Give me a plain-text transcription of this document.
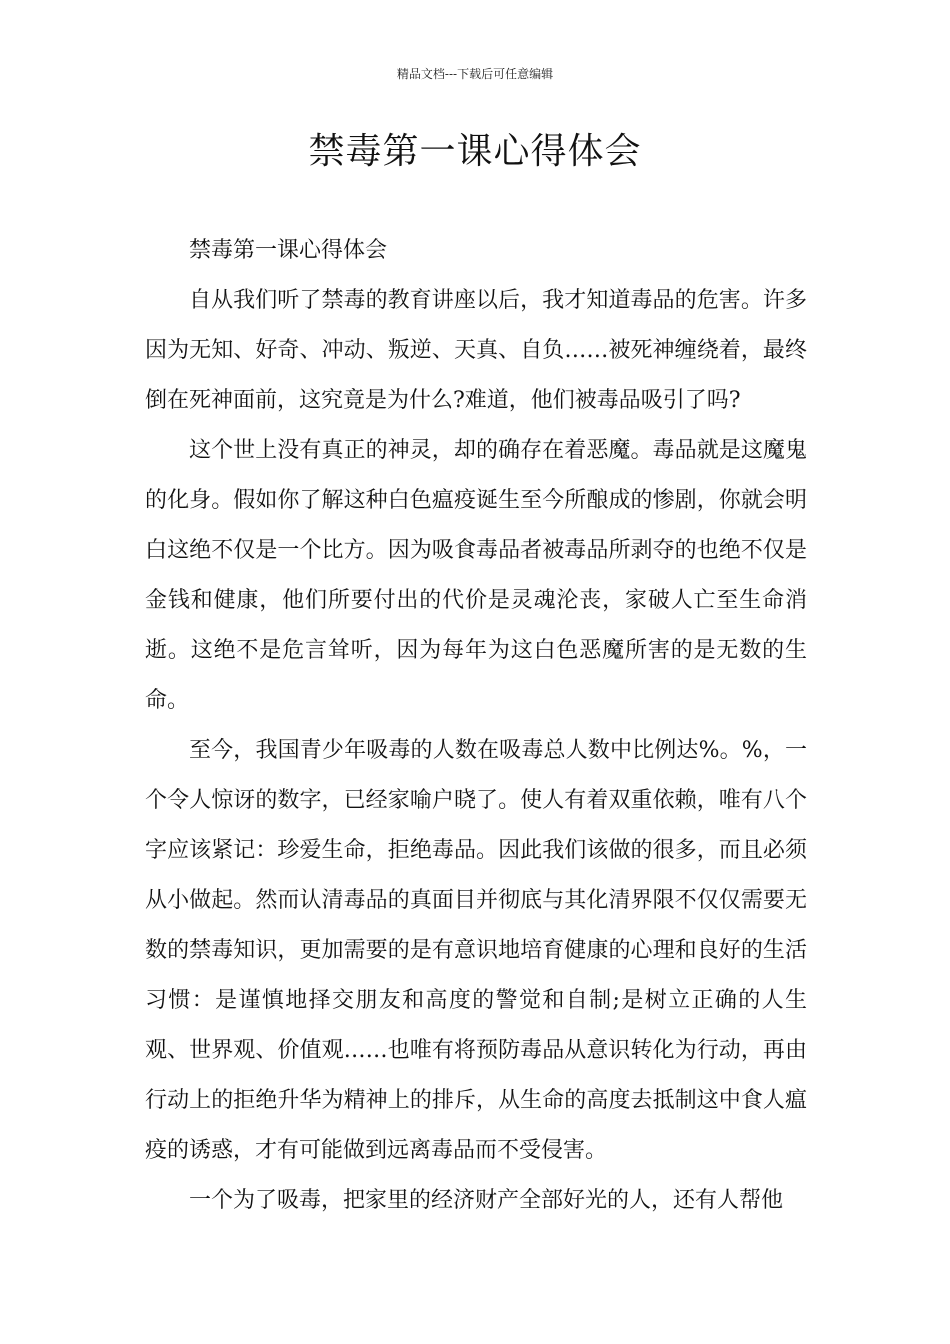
精品文档---下载后可任意编辑
禁毒第一课心得体会

禁毒第一课心得体会

自从我们听了禁毒的教育讲座以后，我才知道毒品的危害。许多因为无知、好奇、冲动、叛逆、天真、自负……被死神缠绕着，最终倒在死神面前，这究竟是为什么?难道，他们被毒品吸引了吗?

这个世上没有真正的神灵，却的确存在着恶魔。毒品就是这魔鬼的化身。假如你了解这种白色瘟疫诞生至今所酿成的惨剧，你就会明白这绝不仅是一个比方。因为吸食毒品者被毒品所剥夺的也绝不仅是金钱和健康，他们所要付出的代价是灵魂沦丧，家破人亡至生命消逝。这绝不是危言耸听，因为每年为这白色恶魔所害的是无数的生命。

至今，我国青少年吸毒的人数在吸毒总人数中比例达%。%，一个令人惊讶的数字，已经家喻户晓了。使人有着双重依赖，唯有八个字应该紧记：珍爱生命，拒绝毒品。因此我们该做的很多，而且必须从小做起。然而认清毒品的真面目并彻底与其化清界限不仅仅需要无数的禁毒知识，更加需要的是有意识地培育健康的心理和良好的生活习惯：是谨慎地择交朋友和高度的警觉和自制;是树立正确的人生观、世界观、价值观……也唯有将预防毒品从意识转化为行动，再由行动上的拒绝升华为精神上的排斥，从生命的高度去抵制这中食人瘟疫的诱惑，才有可能做到远离毒品而不受侵害。

一个为了吸毒，把家里的经济财产全部好光的人，还有人帮他
